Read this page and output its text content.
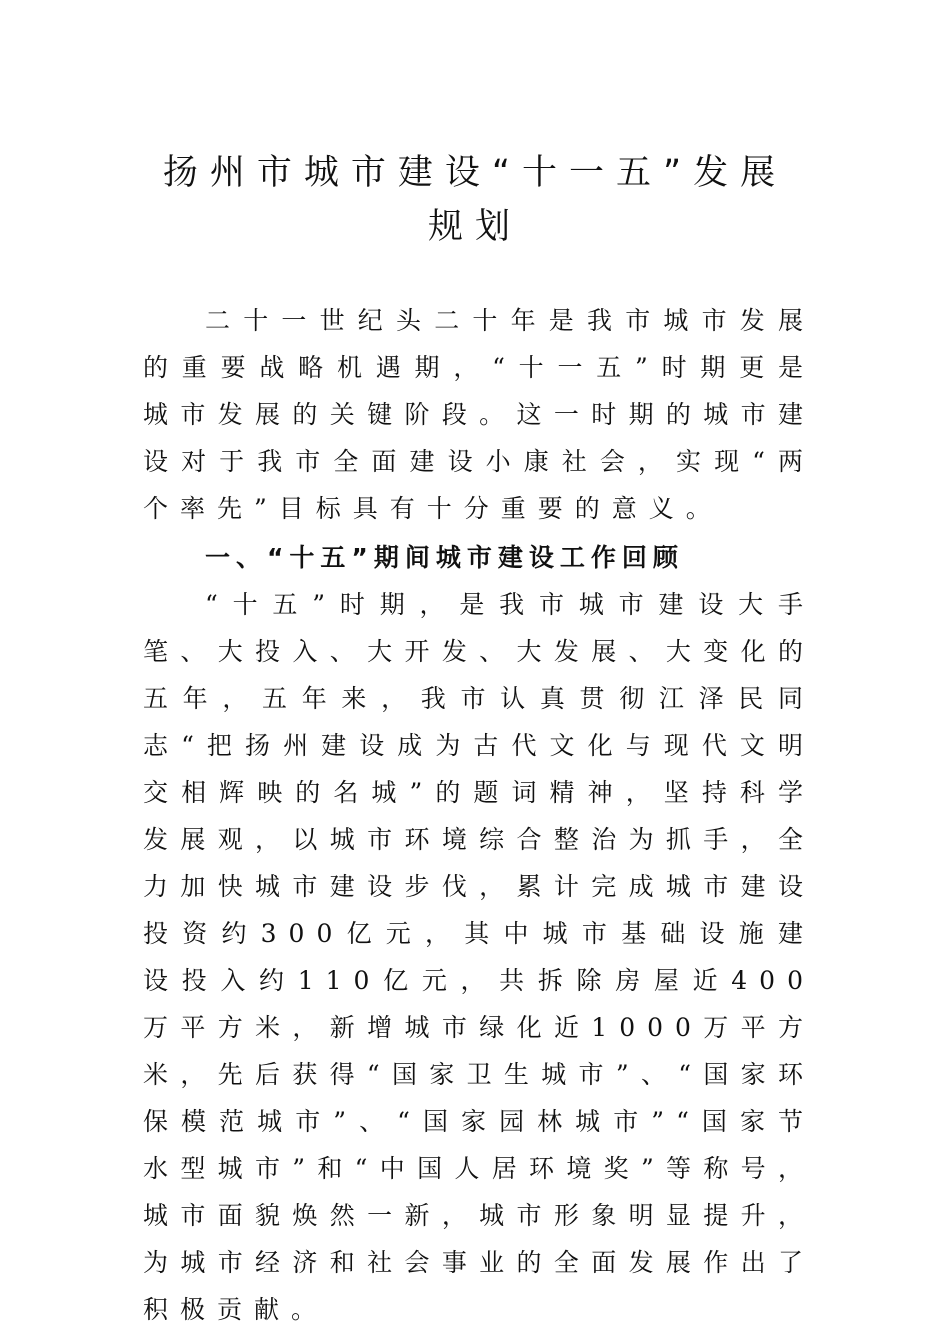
扬州市城市建设“十一五”发展
规划

二十一世纪头二十年是我市城市发展的重要战略机遇期，“十一五”时期更是城市发展的关键阶段。这一时期的城市建设对于我市全面建设小康社会，实现“两个率先”目标具有十分重要的意义。

一、“十五”期间城市建设工作回顾

“十五”时期，是我市城市建设大手笔、大投入、大开发、大发展、大变化的五年，五年来，我市认真贯彻江泽民同志“把扬州建设成为古代文化与现代文明交相辉映的名城”的题词精神，坚持科学发展观，以城市环境综合整治为抓手，全力加快城市建设步伐，累计完成城市建设投资约300亿元，其中城市基础设施建设投入约110亿元，共拆除房屋近400万平方米，新增城市绿化近1000万平方米，先后获得“国家卫生城市”、“国家环保模范城市”、“国家园林城市”“国家节水型城市”和“中国人居环境奖”等称号，城市面貌焕然一新，城市形象明显提升，为城市经济和社会事业的全面发展作出了积极贡献。
